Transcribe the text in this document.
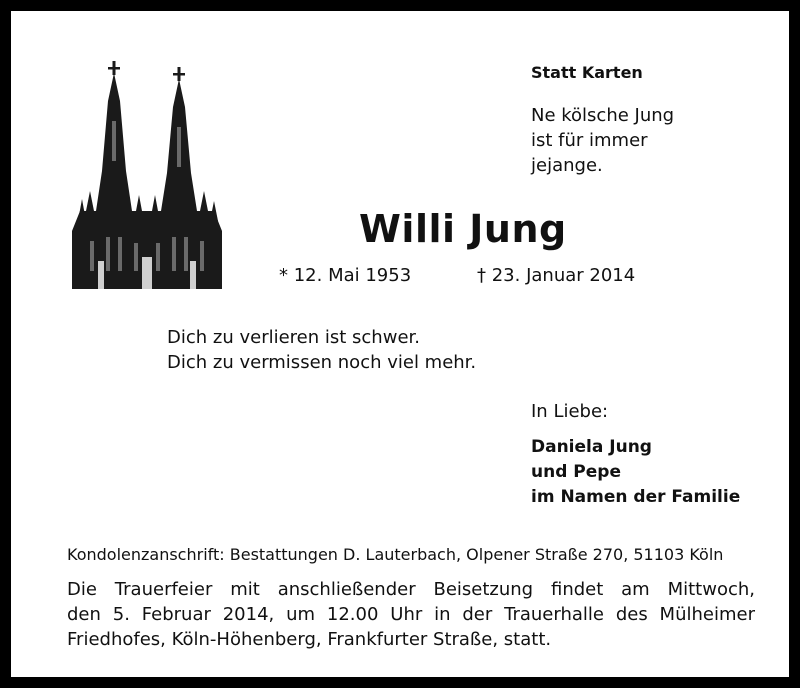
Statt Karten
Ne kölsche Jung
ist für immer
jejange.
Willi Jung
* 12. Mai 1953	† 23. Januar 2014
Dich zu verlieren ist schwer.
Dich zu vermissen noch viel mehr.
In Liebe:
Daniela Jung
und Pepe
im Namen der Familie
Kondolenzanschrift: Bestattungen D. Lauterbach, Olpener Straße 270, 51103 Köln
Die Trauerfeier mit anschließender Beisetzung findet am Mittwoch,
den 5. Februar 2014, um 12.00 Uhr in der Trauerhalle des Mülheimer
Friedhofes, Köln-Höhenberg, Frankfurter Straße, statt.
